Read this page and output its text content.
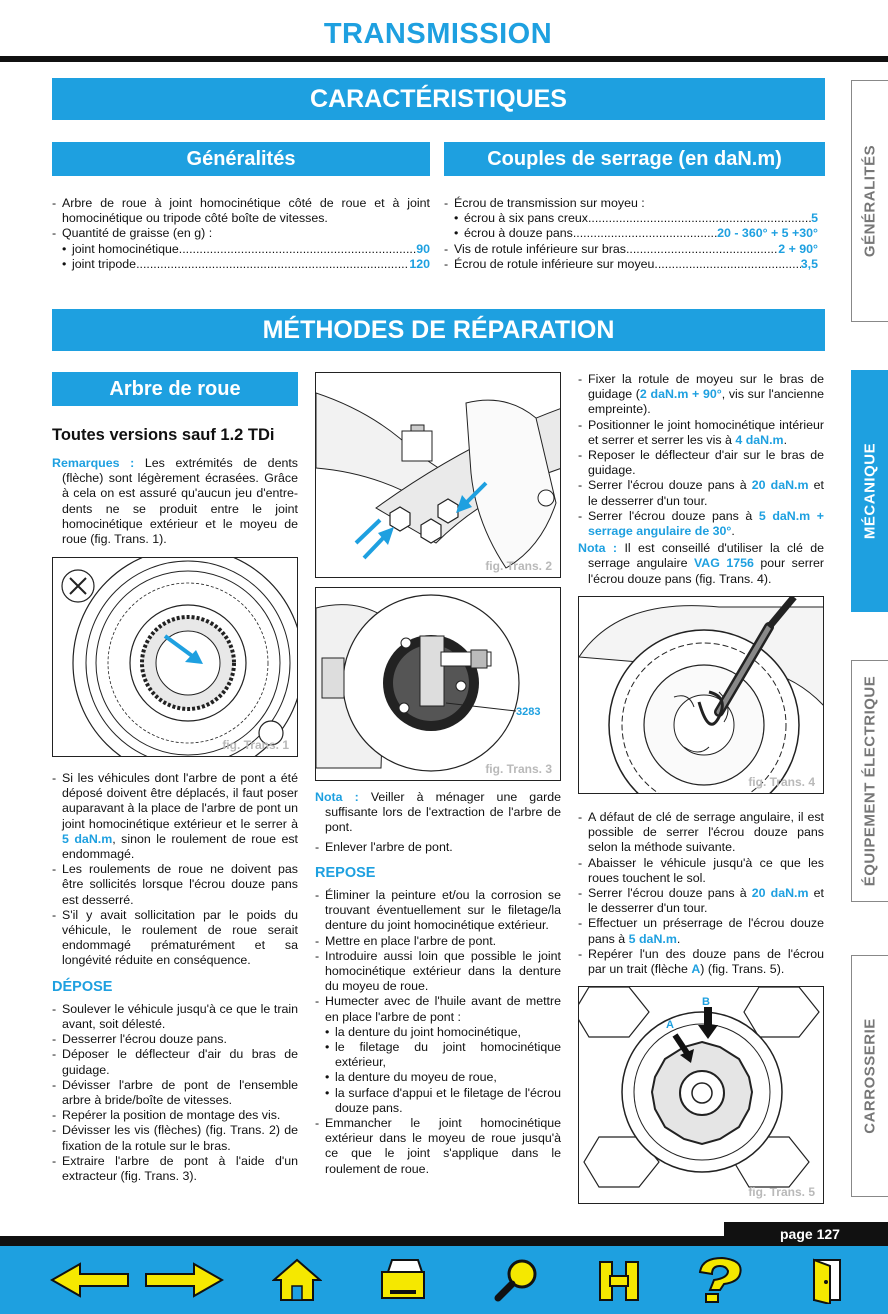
TRANSMISSION
CARACTÉRISTIQUES
Généralités
- Arbre de roue à joint homocinétique côté de roue et à joint homocinétique ou tripode côté boîte de vitesses.
- Quantité de graisse (en g) :
• joint homocinétique .....	90
• joint tripode .....	120
Couples de serrage (en daN.m)
- Écrou de transmission sur moyeu :
• écrou à six pans creux .....	5
• écrou à douze pans .....	20 - 360° + 5 +30°
- Vis de rotule inférieure sur bras .....	2 + 90°
- Écrou de rotule inférieure sur moyeu .....	3,5
MÉTHODES DE RÉPARATION
Arbre de roue
Toutes versions sauf 1.2 TDi
Remarques : Les extrémités de dents (flèche) sont légèrement écrasées. Grâce à cela on est assuré qu'aucun jeu d'entre-dents ne se produit entre le joint homocinétique extérieur et le moyeu de roue (fig. Trans. 1).
fig. Trans. 1
- Si les véhicules dont l'arbre de pont a été déposé doivent être déplacés, il faut poser auparavant à la place de l'arbre de pont un joint homocinétique extérieur et le serrer à 5 daN.m, sinon le roulement de roue est endommagé.
- Les roulements de roue ne doivent pas être sollicités lorsque l'écrou douze pans est desserré.
- S'il y avait sollicitation par le poids du véhicule, le roulement de roue serait endommagé prématurément et sa longévité réduite en conséquence.
DÉPOSE
- Soulever le véhicule jusqu'à ce que le train avant, soit délesté.
- Desserrer l'écrou douze pans.
- Déposer le déflecteur d'air du bras de guidage.
- Dévisser l'arbre de pont de l'ensemble arbre à bride/boîte de vitesses.
- Repérer la position de montage des vis.
- Dévisser les vis (flèches) (fig. Trans. 2) de fixation de la rotule sur le bras.
- Extraire l'arbre de pont à l'aide d'un extracteur (fig. Trans. 3).
fig. Trans. 2
3283
fig. Trans. 3
Nota : Veiller à ménager une garde suffisante lors de l'extraction de l'arbre de pont.
- Enlever l'arbre de pont.
REPOSE
- Éliminer la peinture et/ou la corrosion se trouvant éventuellement sur le filetage/la denture du joint homocinétique extérieur.
- Mettre en place l'arbre de pont.
- Introduire aussi loin que possible le joint homocinétique extérieur dans la denture du moyeu de roue.
- Humecter avec de l'huile avant de mettre en place l'arbre de pont :
• la denture du joint homocinétique,
• le filetage du joint homocinétique extérieur,
• la denture du moyeu de roue,
• la surface d'appui et le filetage de l'écrou douze pans.
- Emmancher le joint homocinétique extérieur dans le moyeu de roue jusqu'à ce que le joint s'applique dans le roulement de roue.
- Fixer la rotule de moyeu sur le bras de guidage (2 daN.m + 90°, vis sur l'ancienne empreinte).
- Positionner le joint homocinétique intérieur et serrer et serrer les vis à 4 daN.m.
- Reposer le déflecteur d'air sur le bras de guidage.
- Serrer l'écrou douze pans à 20 daN.m et le desserrer d'un tour.
- Serrer l'écrou douze pans à 5 daN.m + serrage angulaire de 30°.
Nota : Il est conseillé d'utiliser la clé de serrage angulaire VAG 1756 pour serrer l'écrou douze pans (fig. Trans. 4).
fig. Trans. 4
- A défaut de clé de serrage angulaire, il est possible de serrer l'écrou douze pans selon la méthode suivante.
- Abaisser le véhicule jusqu'à ce que les roues touchent le sol.
- Serrer l'écrou douze pans à 20 daN.m et le desserrer d'un tour.
- Effectuer un préserrage de l'écrou douze pans à 5 daN.m.
- Repérer l'un des douze pans de l'écrou par un trait (flèche A) (fig. Trans. 5).
B
A
fig. Trans. 5
GÉNÉRALITÉS
MÉCANIQUE
ÉQUIPEMENT ÉLECTRIQUE
CARROSSERIE
page 127
